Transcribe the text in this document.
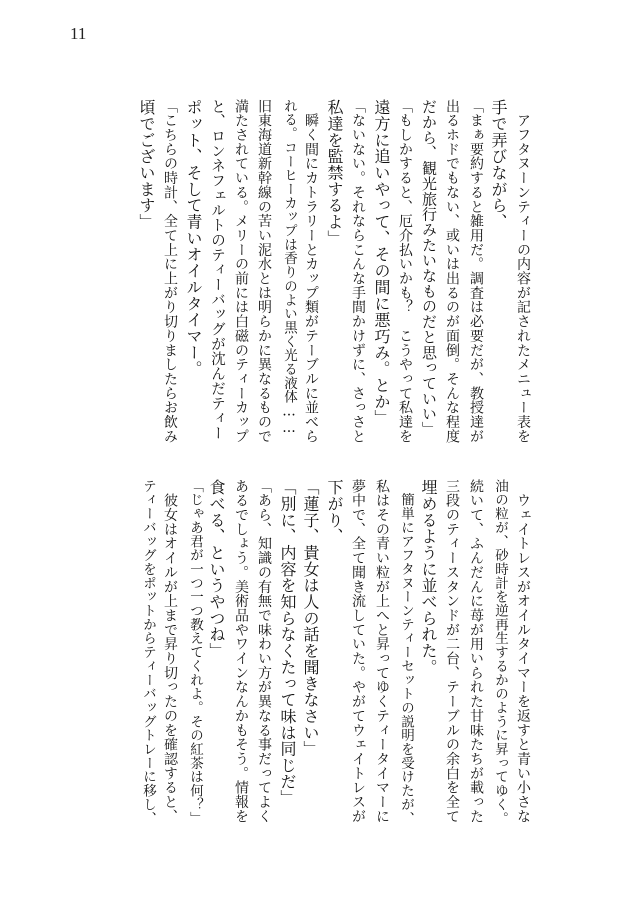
11
　アフタヌーンティーの内容が記されたメニュー表を
手で弄びながら、
「まぁ要約すると雑用だ。調査は必要だが、教授達が
出るホドでもない、或いは出るのが面倒。そんな程度
だから、観光旅行みたいなものだと思っていい」
「もしかすると、厄介払いかも？　こうやって私達を
遠方に追いやって、その間に悪巧み。とか」
「ないない。それならこんな手間かけずに、さっさと
私達を監禁するよ」
　瞬く間にカトラリーとカップ類がテーブルに並べら
れる。コーヒーカップは香りのよい黒く光る液体……
旧東海道新幹線の苦い泥水とは明らかに異なるもので
満たされている。メリーの前には白磁のティーカップ
と、ロンネフェルトのティーバッグが沈んだティー
ポット、そして青いオイルタイマー。
「こちらの時計、全て上に上がり切りましたらお飲み
頃でございます」
　ウェイトレスがオイルタイマーを返すと青い小さな
油の粒が、砂時計を逆再生するかのように昇ってゆく。
続いて、ふんだんに苺が用いられた甘味たちが載った
三段のティースタンドが二台、テーブルの余白を全て
埋めるように並べられた。
　簡単にアフタヌーンティーセットの説明を受けたが、
私はその青い粒が上へと昇ってゆくティータイマーに
夢中で、全て聞き流していた。やがてウェイトレスが
下がり、
「蓮子、貴女は人の話を聞きなさい」
「別に、内容を知らなくたって味は同じだ」
「あら、知識の有無で味わい方が異なる事だってよく
あるでしょう。美術品やワインなんかもそう。情報を
食べる、というやつね」
「じゃあ君が一つ一つ教えてくれよ。その紅茶は何？」
　彼女はオイルが上まで昇り切ったのを確認すると、
ティーバッグをポットからティーバッグトレーに移し、
